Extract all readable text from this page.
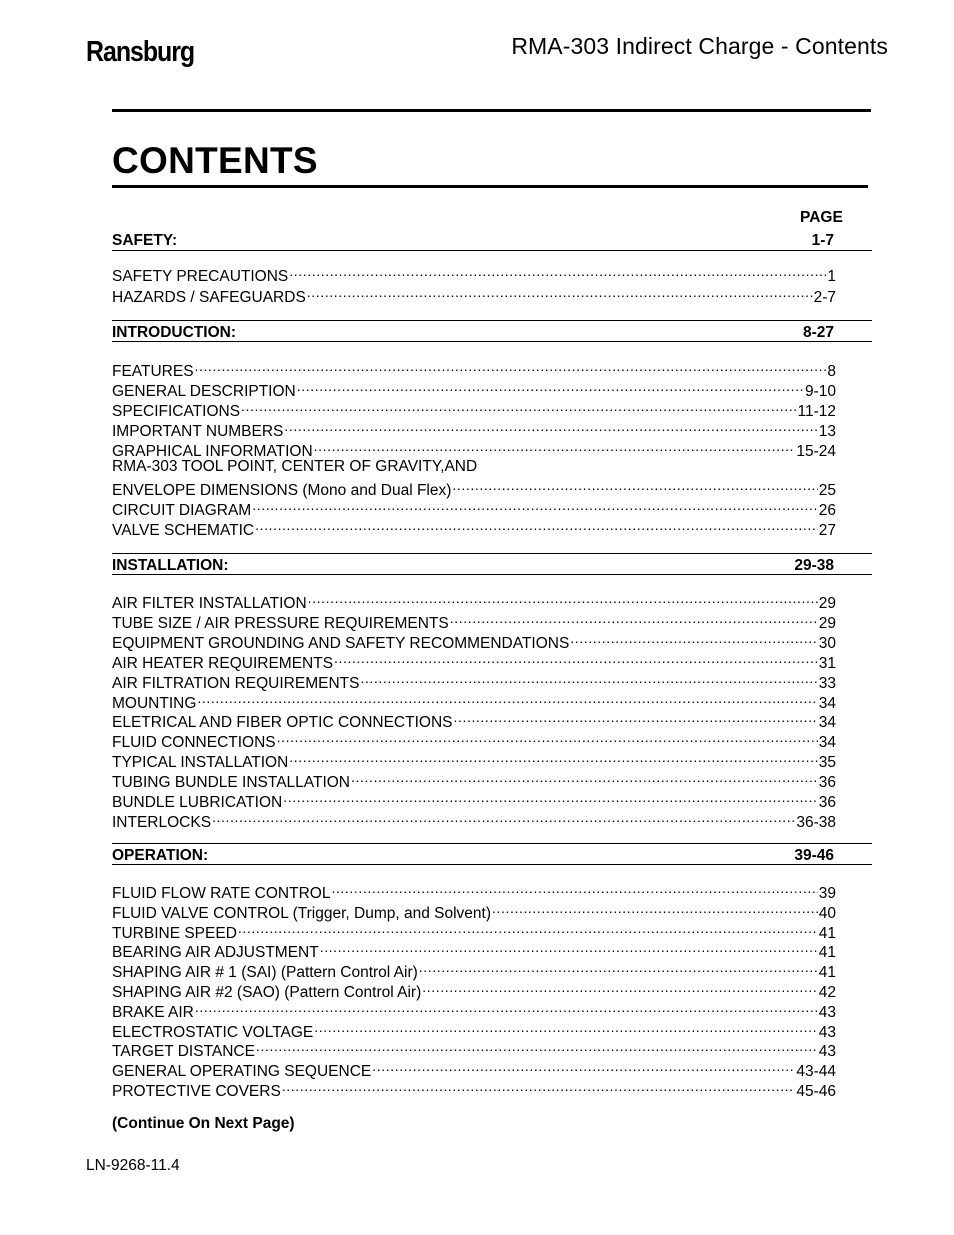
Ransburg	RMA-303 Indirect Charge - Contents
CONTENTS
PAGE
SAFETY:	1-7
SAFETY PRECAUTIONS .....	1
HAZARDS / SAFEGUARDS .....	2-7
INTRODUCTION:	8-27
FEATURES .....	8
GENERAL DESCRIPTION .....	9-10
SPECIFICATIONS .....	11-12
IMPORTANT NUMBERS .....	13
GRAPHICAL INFORMATION .....	15-24
RMA-303 TOOL POINT, CENTER OF GRAVITY,AND
ENVELOPE DIMENSIONS (Mono and Dual Flex) .....	25
CIRCUIT DIAGRAM .....	26
VALVE SCHEMATIC .....	27
INSTALLATION:	29-38
AIR FILTER INSTALLATION .....	29
TUBE SIZE / AIR PRESSURE REQUIREMENTS .....	29
EQUIPMENT GROUNDING AND SAFETY RECOMMENDATIONS .....	30
AIR HEATER REQUIREMENTS .....	31
AIR FILTRATION REQUIREMENTS .....	33
MOUNTING .....	34
ELETRICAL AND FIBER OPTIC CONNECTIONS .....	34
FLUID CONNECTIONS .....	34
TYPICAL INSTALLATION .....	35
TUBING BUNDLE INSTALLATION .....	36
BUNDLE LUBRICATION .....	36
INTERLOCKS .....	36-38
OPERATION:	39-46
FLUID FLOW RATE CONTROL .....	39
FLUID VALVE CONTROL (Trigger, Dump, and Solvent) .....	40
TURBINE SPEED .....	41
BEARING AIR ADJUSTMENT .....	41
SHAPING AIR # 1 (SAI) (Pattern Control Air) .....	41
SHAPING AIR #2 (SAO) (Pattern Control Air) .....	42
BRAKE AIR .....	43
ELECTROSTATIC VOLTAGE .....	43
TARGET DISTANCE .....	43
GENERAL OPERATING SEQUENCE .....	43-44
PROTECTIVE COVERS .....	45-46
(Continue On Next Page)
LN-9268-11.4
